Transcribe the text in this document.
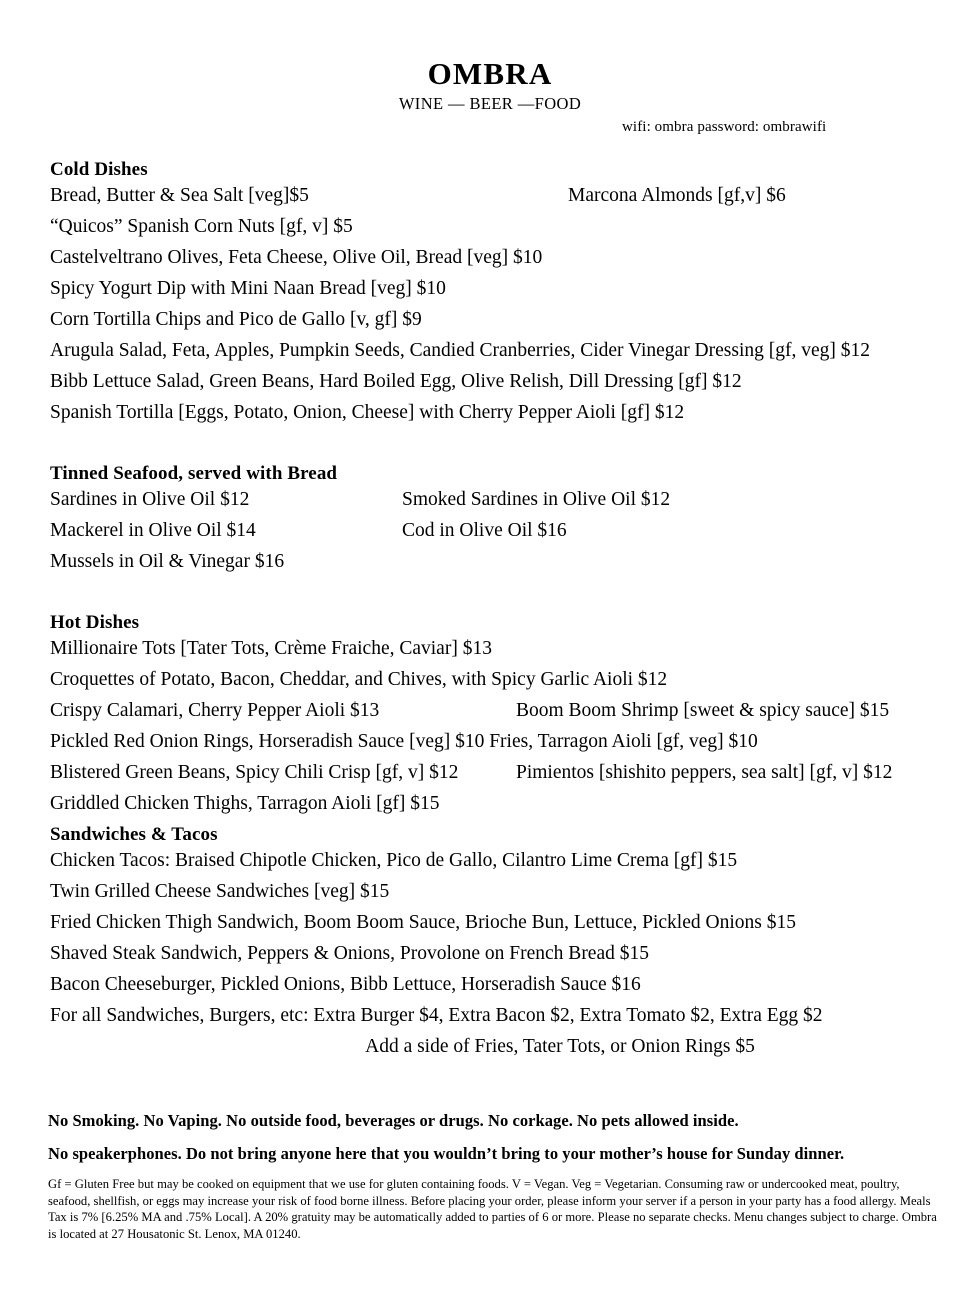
OMBRA
WINE — BEER —FOOD
wifi: ombra password: ombrawifi
Cold Dishes
Bread, Butter & Sea Salt [veg]$5	Marcona Almonds [gf,v] $6
“Quicos” Spanish Corn Nuts [gf, v] $5
Castelveltrano Olives, Feta Cheese, Olive Oil, Bread [veg] $10
Spicy Yogurt Dip with Mini Naan Bread [veg] $10
Corn Tortilla Chips and Pico de Gallo [v, gf] $9
Arugula Salad, Feta, Apples, Pumpkin Seeds, Candied Cranberries, Cider Vinegar Dressing [gf, veg] $12
Bibb Lettuce Salad, Green Beans, Hard Boiled Egg, Olive Relish, Dill Dressing [gf] $12
Spanish Tortilla [Eggs, Potato, Onion, Cheese] with Cherry Pepper Aioli [gf] $12
Tinned Seafood, served with Bread
Sardines in Olive Oil $12	Smoked Sardines in Olive Oil $12
Mackerel in Olive Oil $14	Cod in Olive Oil $16
Mussels in Oil & Vinegar $16
Hot Dishes
Millionaire Tots [Tater Tots, Crème Fraiche, Caviar] $13
Croquettes of Potato, Bacon, Cheddar, and Chives, with Spicy Garlic Aioli $12
Crispy Calamari, Cherry Pepper Aioli $13	Boom Boom Shrimp [sweet & spicy sauce] $15
Pickled Red Onion Rings, Horseradish Sauce [veg] $10 Fries, Tarragon Aioli [gf, veg] $10
Blistered Green Beans, Spicy Chili Crisp [gf, v] $12	Pimientos [shishito peppers, sea salt] [gf, v] $12
Griddled Chicken Thighs, Tarragon Aioli [gf] $15
Sandwiches & Tacos
Chicken Tacos: Braised Chipotle Chicken, Pico de Gallo, Cilantro Lime Crema [gf] $15
Twin Grilled Cheese Sandwiches [veg] $15
Fried Chicken Thigh Sandwich, Boom Boom Sauce, Brioche Bun, Lettuce, Pickled Onions $15
Shaved Steak Sandwich, Peppers & Onions, Provolone on French Bread $15
Bacon Cheeseburger, Pickled Onions, Bibb Lettuce, Horseradish Sauce $16
For all Sandwiches, Burgers, etc: Extra Burger $4, Extra Bacon $2, Extra Tomato $2, Extra Egg $2
Add a side of Fries, Tater Tots, or Onion Rings $5
No Smoking. No Vaping. No outside food, beverages or drugs. No corkage. No pets allowed inside.
No speakerphones. Do not bring anyone here that you wouldn’t bring to your mother’s house for Sunday dinner.
Gf = Gluten Free but may be cooked on equipment that we use for gluten containing foods. V = Vegan. Veg = Vegetarian. Consuming raw or undercooked meat, poultry, seafood, shellfish, or eggs may increase your risk of food borne illness. Before placing your order, please inform your server if a person in your party has a food allergy. Meals Tax is 7% [6.25% MA and .75% Local]. A 20% gratuity may be automatically added to parties of 6 or more. Please no separate checks. Menu changes subject to charge. Ombra is located at 27 Housatonic St. Lenox, MA 01240.
